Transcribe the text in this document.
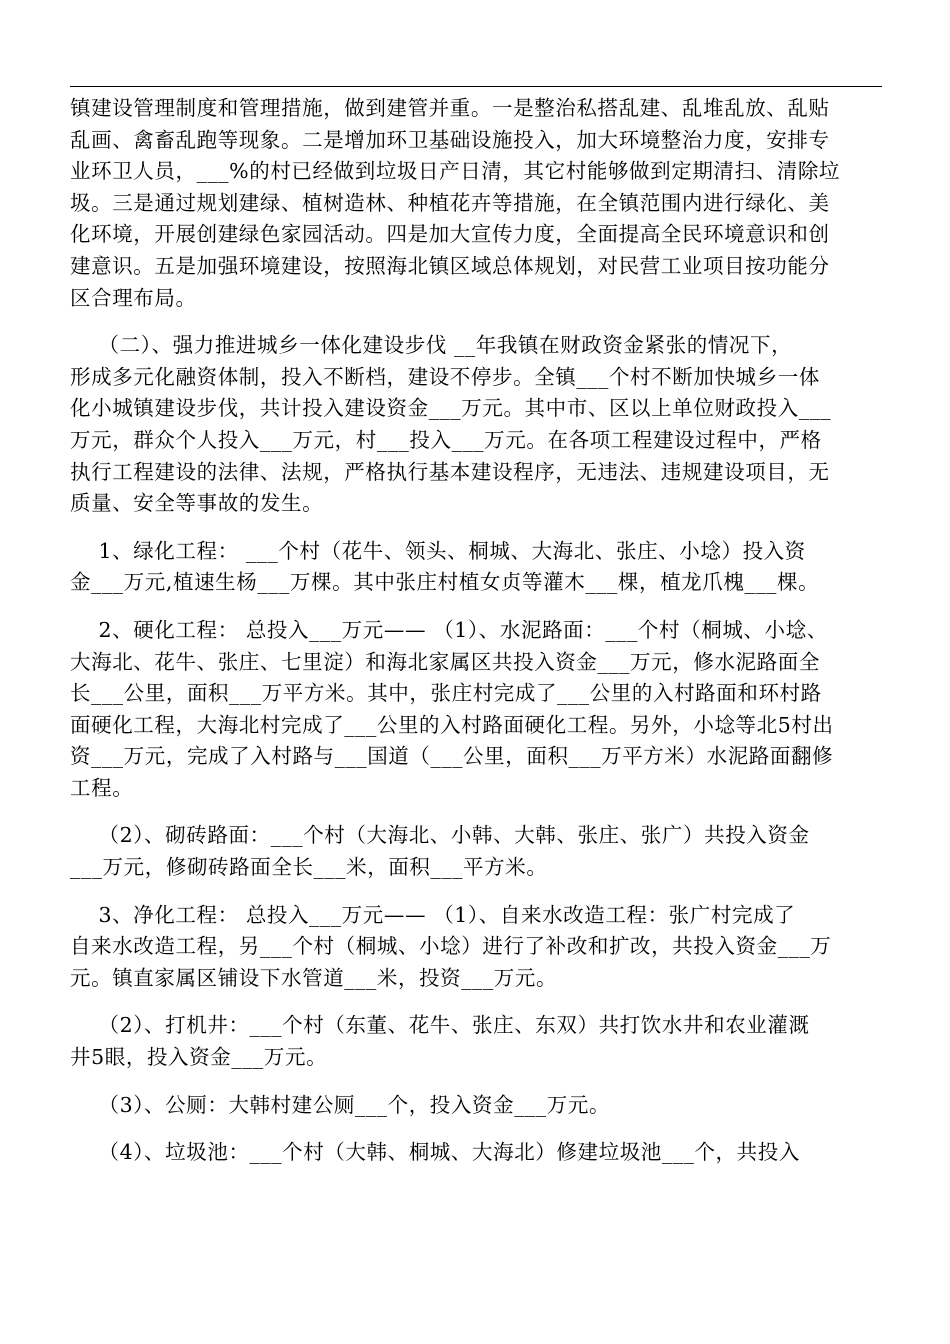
镇建设管理制度和管理措施，做到建管并重。一是整治私搭乱建、乱堆乱放、乱贴
乱画、禽畜乱跑等现象。二是增加环卫基础设施投入，加大环境整治力度，安排专
业环卫人员，___%的村已经做到垃圾日产日清，其它村能够做到定期清扫、清除垃
圾。三是通过规划建绿、植树造林、种植花卉等措施，在全镇范围内进行绿化、美
化环境，开展创建绿色家园活动。四是加大宣传力度，全面提高全民环境意识和创
建意识。五是加强环境建设，按照海北镇区域总体规划，对民营工业项目按功能分
区合理布局。
（二）、强力推进城乡一体化建设步伐 __年我镇在财政资金紧张的情况下，
形成多元化融资体制，投入不断档，建设不停步。全镇___个村不断加快城乡一体
化小城镇建设步伐，共计投入建设资金___万元。其中市、区以上单位财政投入___
万元，群众个人投入___万元，村___投入___万元。在各项工程建设过程中，严格
执行工程建设的法律、法规，严格执行基本建设程序，无违法、违规建设项目，无
质量、安全等事故的发生。
1、绿化工程： ___个村（花牛、领头、桐城、大海北、张庄、小埝）投入资
金___万元,植速生杨___万棵。其中张庄村植女贞等灌木___棵，植龙爪槐___棵。
2、硬化工程： 总投入___万元—— （1）、水泥路面：___个村（桐城、小埝、
大海北、花牛、张庄、七里淀）和海北家属区共投入资金___万元，修水泥路面全
长___公里，面积___万平方米。其中，张庄村完成了___公里的入村路面和环村路
面硬化工程，大海北村完成了___公里的入村路面硬化工程。另外，小埝等北5村出
资___万元，完成了入村路与___国道（___公里，面积___万平方米）水泥路面翻修
工程。
（2）、砌砖路面：___个村（大海北、小韩、大韩、张庄、张广）共投入资金
___万元，修砌砖路面全长___米，面积___平方米。
3、净化工程： 总投入___万元—— （1）、自来水改造工程：张广村完成了
自来水改造工程，另___个村（桐城、小埝）进行了补改和扩改，共投入资金___万
元。镇直家属区铺设下水管道___米，投资___万元。
（2）、打机井：___个村（东董、花牛、张庄、东双）共打饮水井和农业灌溉
井5眼，投入资金___万元。
（3）、公厕：大韩村建公厕___个，投入资金___万元。
（4）、垃圾池：___个村（大韩、桐城、大海北）修建垃圾池___个，共投入
